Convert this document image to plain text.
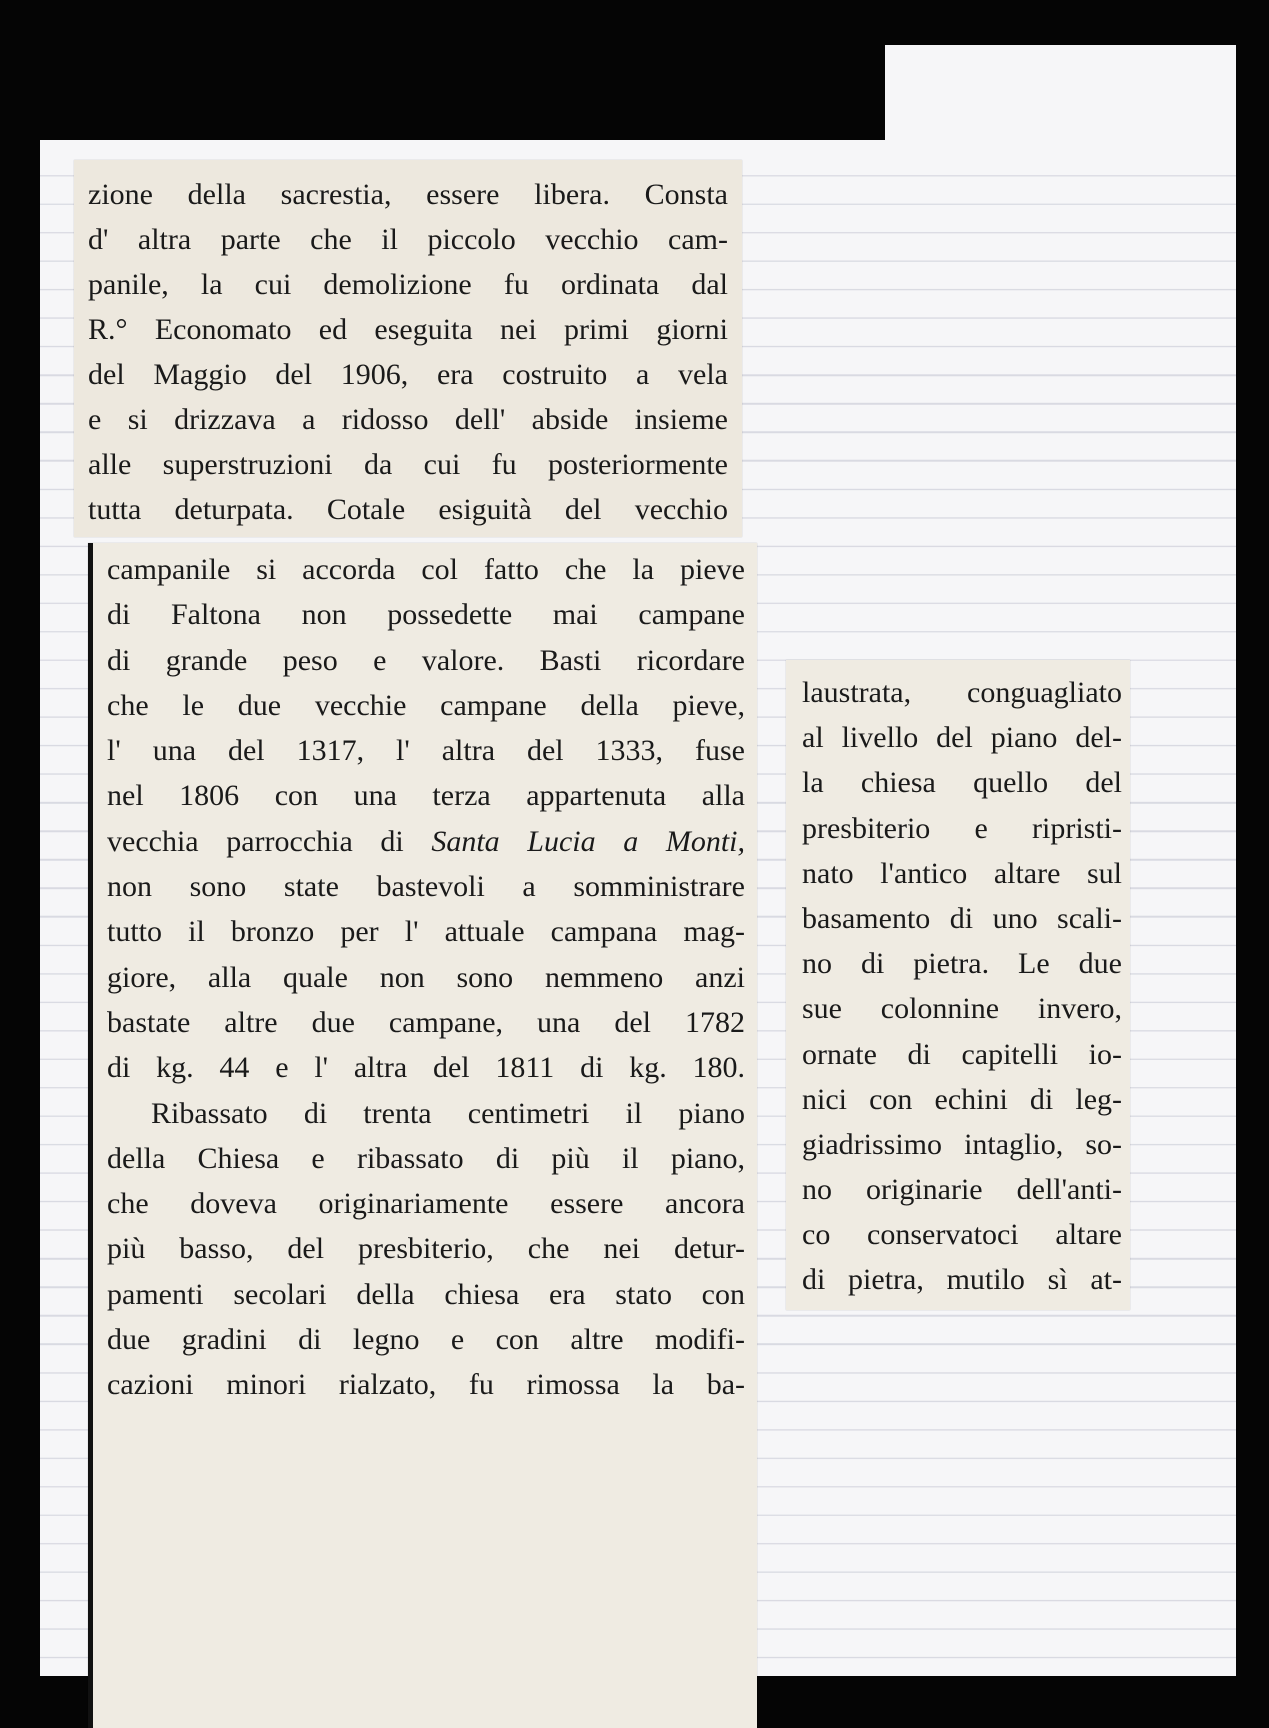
zione della sacrestia, essere libera. Consta
d' altra parte che il piccolo vecchio cam-
panile, la cui demolizione fu ordinata dal
R.° Economato ed eseguita nei primi giorni
del Maggio del 1906, era costruito a vela
e si drizzava a ridosso dell' abside insieme
alle superstruzioni da cui fu posteriormente
tutta deturpata. Cotale esiguità del vecchio
campanile si accorda col fatto che la pieve
di Faltona non possedette mai campane
di grande peso e valore. Basti ricordare
che le due vecchie campane della pieve,
l' una del 1317, l' altra del 1333, fuse
nel 1806 con una terza appartenuta alla
vecchia parrocchia di Santa Lucia a Monti,
non sono state bastevoli a somministrare
tutto il bronzo per l' attuale campana mag-
giore, alla quale non sono nemmeno anzi
bastate altre due campane, una del 1782
di kg. 44 e l' altra del 1811 di kg. 180.
Ribassato di trenta centimetri il piano
della Chiesa e ribassato di più il piano,
che doveva originariamente essere ancora
più basso, del presbiterio, che nei detur-
pamenti secolari della chiesa era stato con
due gradini di legno e con altre modifi-
cazioni minori rialzato, fu rimossa la ba-
laustrata, conguagliato
al livello del piano del-
la chiesa quello del
presbiterio e ripristi-
nato l'antico altare sul
basamento di uno scali-
no di pietra. Le due
sue colonnine invero,
ornate di capitelli io-
nici con echini di leg-
giadrissimo intaglio, so-
no originarie dell'anti-
co conservatoci altare
di pietra, mutilo sì at-
